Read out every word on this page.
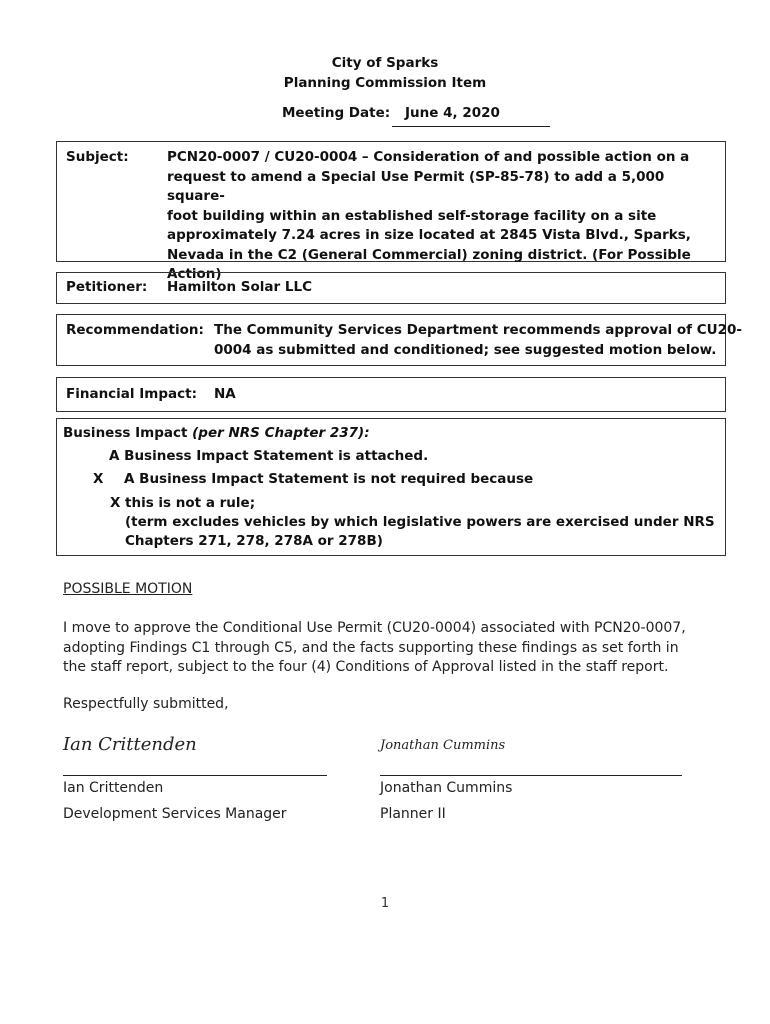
City of Sparks
Planning Commission Item
Meeting Date: June 4, 2020
Subject:	PCN20-0007 / CU20-0004 – Consideration of and possible action on a
request to amend a Special Use Permit (SP-85-78) to add a 5,000 square-
foot building within an established self-storage facility on a site
approximately 7.24 acres in size located at 2845 Vista Blvd., Sparks,
Nevada in the C2 (General Commercial) zoning district. (For Possible
Action)
Petitioner: Hamilton Solar LLC
Recommendation: The Community Services Department recommends approval of CU20-
0004 as submitted and conditioned; see suggested motion below.
Financial Impact: NA
Business Impact (per NRS Chapter 237):
A Business Impact Statement is attached.
X A Business Impact Statement is not required because
X this is not a rule;
(term excludes vehicles by which legislative powers are exercised under NRS
Chapters 271, 278, 278A or 278B)
POSSIBLE MOTION
I move to approve the Conditional Use Permit (CU20-0004) associated with PCN20-0007,
adopting Findings C1 through C5, and the facts supporting these findings as set forth in
the staff report, subject to the four (4) Conditions of Approval listed in the staff report.
Respectfully submitted,
Ian Crittenden	Jonathan Cummins
Ian Crittenden	Jonathan Cummins
Development Services Manager	Planner II
1
